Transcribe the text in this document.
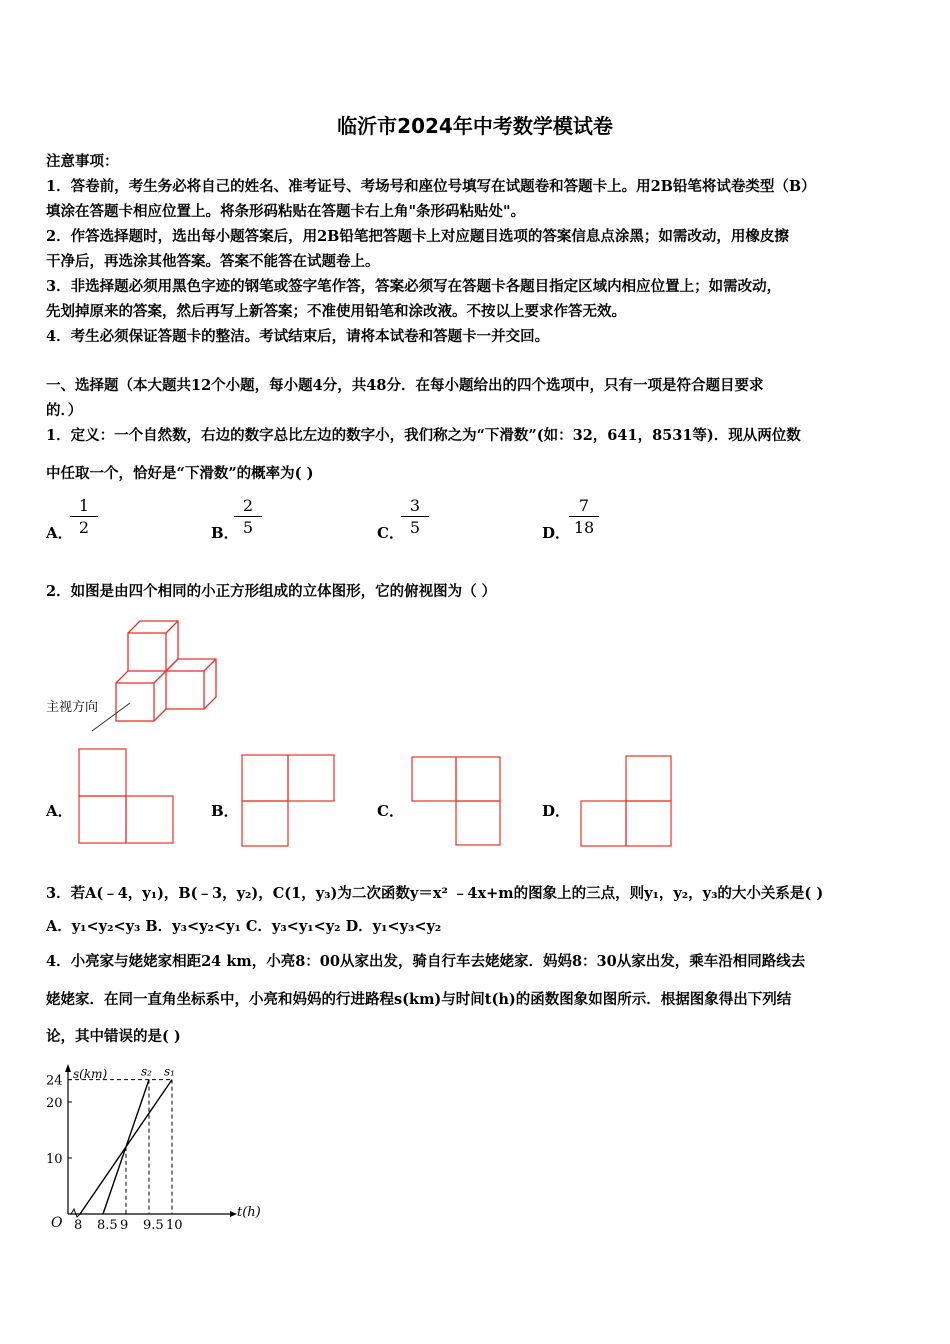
临沂市2024年中考数学模试卷
注意事项：
1．答卷前，考生务必将自己的姓名、准考证号、考场号和座位号填写在试题卷和答题卡上。用2B铅笔将试卷类型（B）
填涂在答题卡相应位置上。将条形码粘贴在答题卡右上角"条形码粘贴处"。
2．作答选择题时，选出每小题答案后，用2B铅笔把答题卡上对应题目选项的答案信息点涂黑；如需改动，用橡皮擦
干净后，再选涂其他答案。答案不能答在试题卷上。
3．非选择题必须用黑色字迹的钢笔或签字笔作答，答案必须写在答题卡各题目指定区域内相应位置上；如需改动，
先划掉原来的答案，然后再写上新答案；不准使用铅笔和涂改液。不按以上要求作答无效。
4．考生必须保证答题卡的整洁。考试结束后，请将本试卷和答题卡一并交回。
一、选择题（本大题共12个小题，每小题4分，共48分．在每小题给出的四个选项中，只有一项是符合题目要求
的．）
1．定义：一个自然数，右边的数字总比左边的数字小，我们称之为“下滑数”(如：32，641，8531等)．现从两位数
中任取一个，恰好是“下滑数”的概率为( )
A．
$\frac{1}{2}$	B．
$\frac{2}{5}$	C．
$\frac{3}{5}$	D．
$\frac{7}{18}$
2．如图是由四个相同的小正方形组成的立体图形，它的俯视图为（ ）
主视方向
A．	B．	C．	D．
3．若A(﹣4，y₁)，B(﹣3，y₂)，C(1，y₃)为二次函数y＝x² ﹣4x+m的图象上的三点，则y₁，y₂，y₃的大小关系是( )
A．y₁<y₂<y₃ B．y₃<y₂<y₁ C．y₃<y₁<y₂ D．y₁<y₃<y₂
4．小亮家与姥姥家相距24 km，小亮8：00从家出发，骑自行车去姥姥家．妈妈8：30从家出发，乘车沿相同路线去
姥姥家．在同一直角坐标系中，小亮和妈妈的行进路程s(km)与时间t(h)的函数图象如图所示．根据图象得出下列结
论，其中错误的是( )
s(km)
t(h)
O
24
20
10
8 8.5 9 9.5 10
s₁
s₂
